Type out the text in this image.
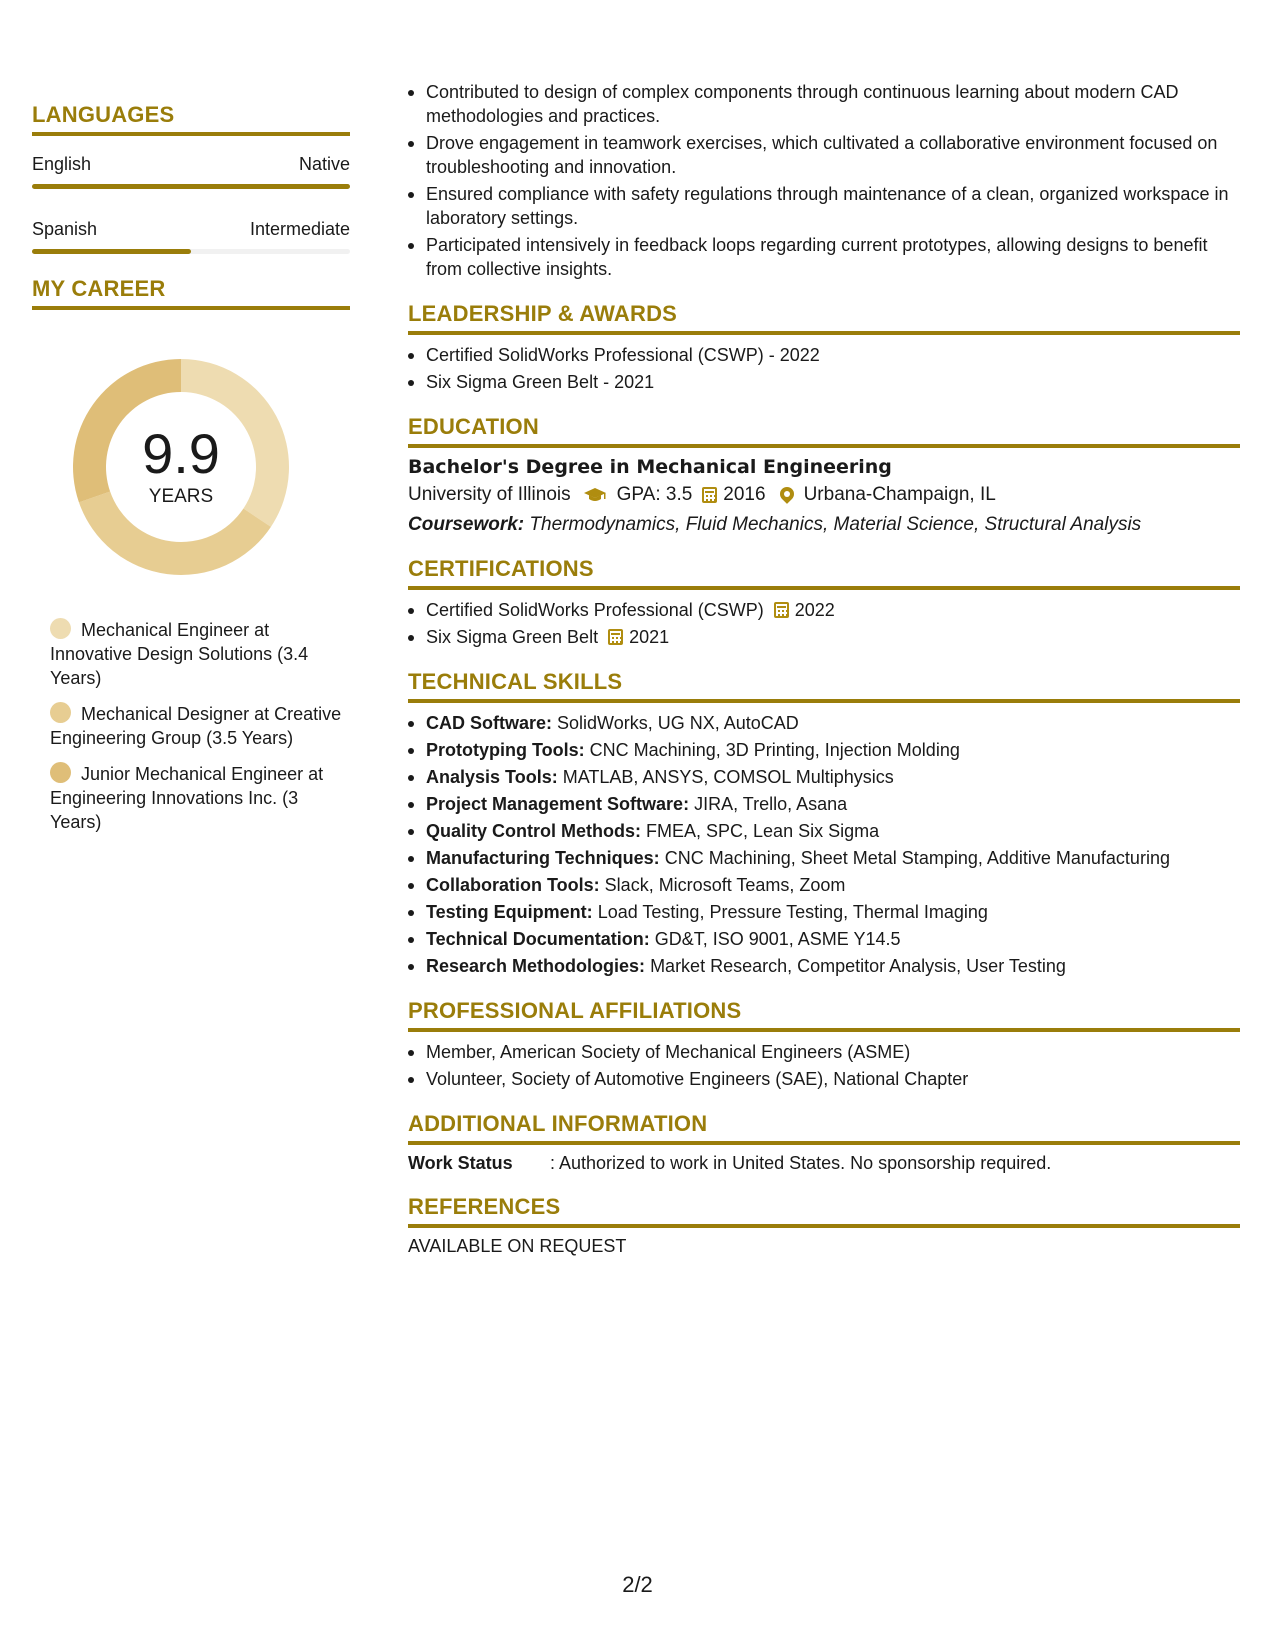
LANGUAGES
English	Native
Spanish	Intermediate
MY CAREER
9.9
YEARS
Mechanical Engineer at Innovative Design Solutions (3.4 Years)
Mechanical Designer at Creative Engineering Group (3.5 Years)
Junior Mechanical Engineer at Engineering Innovations Inc. (3 Years)
Contributed to design of complex components through continuous learning about modern CAD methodologies and practices.
Drove engagement in teamwork exercises, which cultivated a collaborative environment focused on troubleshooting and innovation.
Ensured compliance with safety regulations through maintenance of a clean, organized workspace in laboratory settings.
Participated intensively in feedback loops regarding current prototypes, allowing designs to benefit from collective insights.
LEADERSHIP & AWARDS
Certified SolidWorks Professional (CSWP) - 2022
Six Sigma Green Belt - 2021
EDUCATION
Bachelor's Degree in Mechanical Engineering
University of Illinois GPA: 3.5 2016 Urbana-Champaign, IL
Coursework: Thermodynamics, Fluid Mechanics, Material Science, Structural Analysis
CERTIFICATIONS
Certified SolidWorks Professional (CSWP) 2022
Six Sigma Green Belt 2021
TECHNICAL SKILLS
CAD Software: SolidWorks, UG NX, AutoCAD
Prototyping Tools: CNC Machining, 3D Printing, Injection Molding
Analysis Tools: MATLAB, ANSYS, COMSOL Multiphysics
Project Management Software: JIRA, Trello, Asana
Quality Control Methods: FMEA, SPC, Lean Six Sigma
Manufacturing Techniques: CNC Machining, Sheet Metal Stamping, Additive Manufacturing
Collaboration Tools: Slack, Microsoft Teams, Zoom
Testing Equipment: Load Testing, Pressure Testing, Thermal Imaging
Technical Documentation: GD&T, ISO 9001, ASME Y14.5
Research Methodologies: Market Research, Competitor Analysis, User Testing
PROFESSIONAL AFFILIATIONS
Member, American Society of Mechanical Engineers (ASME)
Volunteer, Society of Automotive Engineers (SAE), National Chapter
ADDITIONAL INFORMATION
Work Status	: Authorized to work in United States. No sponsorship required.
REFERENCES
AVAILABLE ON REQUEST
2/2
